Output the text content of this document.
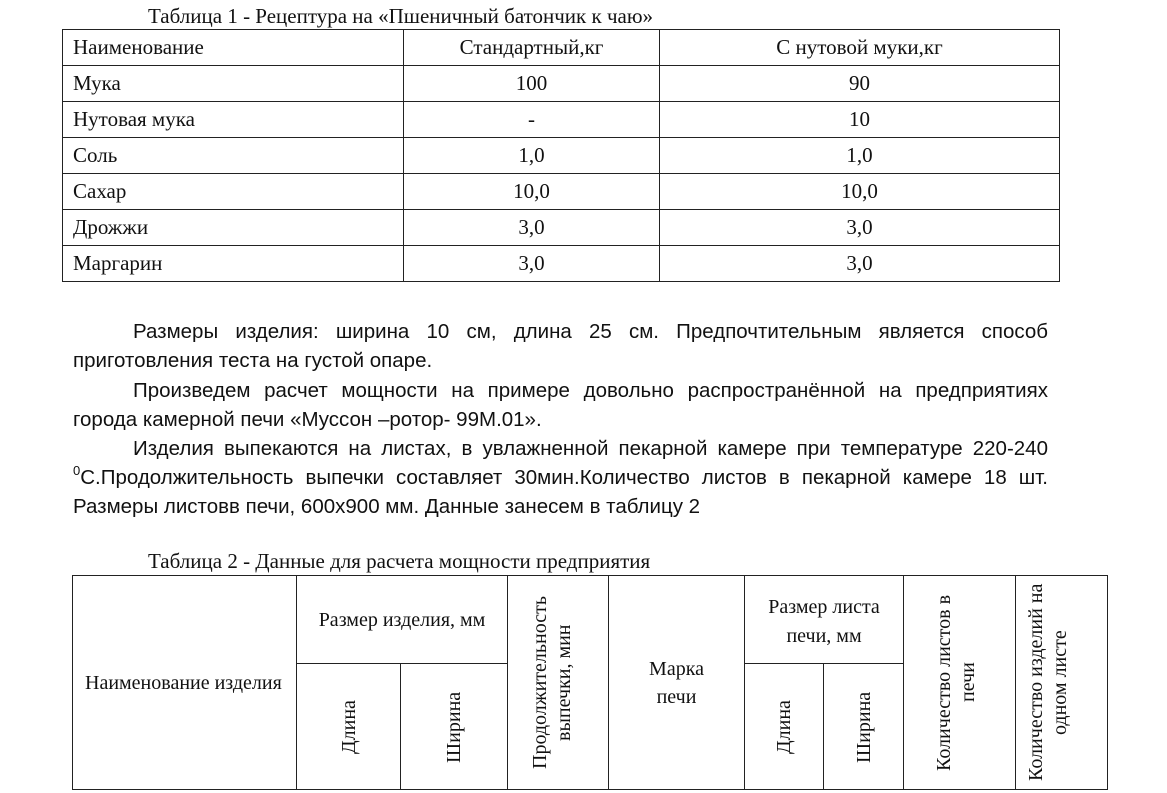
Таблица 1 - Рецептура на «Пшеничный батончик к чаю»
Наименование	Стандартный,кг	С нутовой муки,кг
Мука	100	90
Нутовая мука	-	10
Соль	1,0	1,0
Сахар	10,0	10,0
Дрожжи	3,0	3,0
Маргарин	3,0	3,0
Размеры изделия: ширина 10 см, длина 25 см. Предпочтительным является способ приготовления теста на густой опаре.
Произведем расчет мощности на примере довольно распространённой на предприятиях города камерной печи «Муссон –ротор- 99М.01».
Изделия выпекаются на листах, в увлажненной пекарной камере при температуре 220-240 $^0$С.Продолжительность выпечки составляет 30мин.Количество листов в пекарной камере 18 шт. Размеры листовв печи, 600х900 мм. Данные занесем в таблицу 2
Таблица 2 - Данные для расчета мощности предприятия
Наименование изделия	Размер изделия, мм		Продолжительность выпечки, мин	Марка печи	Размер листа печи, мм		Количество листов в печи	Количество изделий на одном листе

	Длина	Ширина			Длина	Ширина		
